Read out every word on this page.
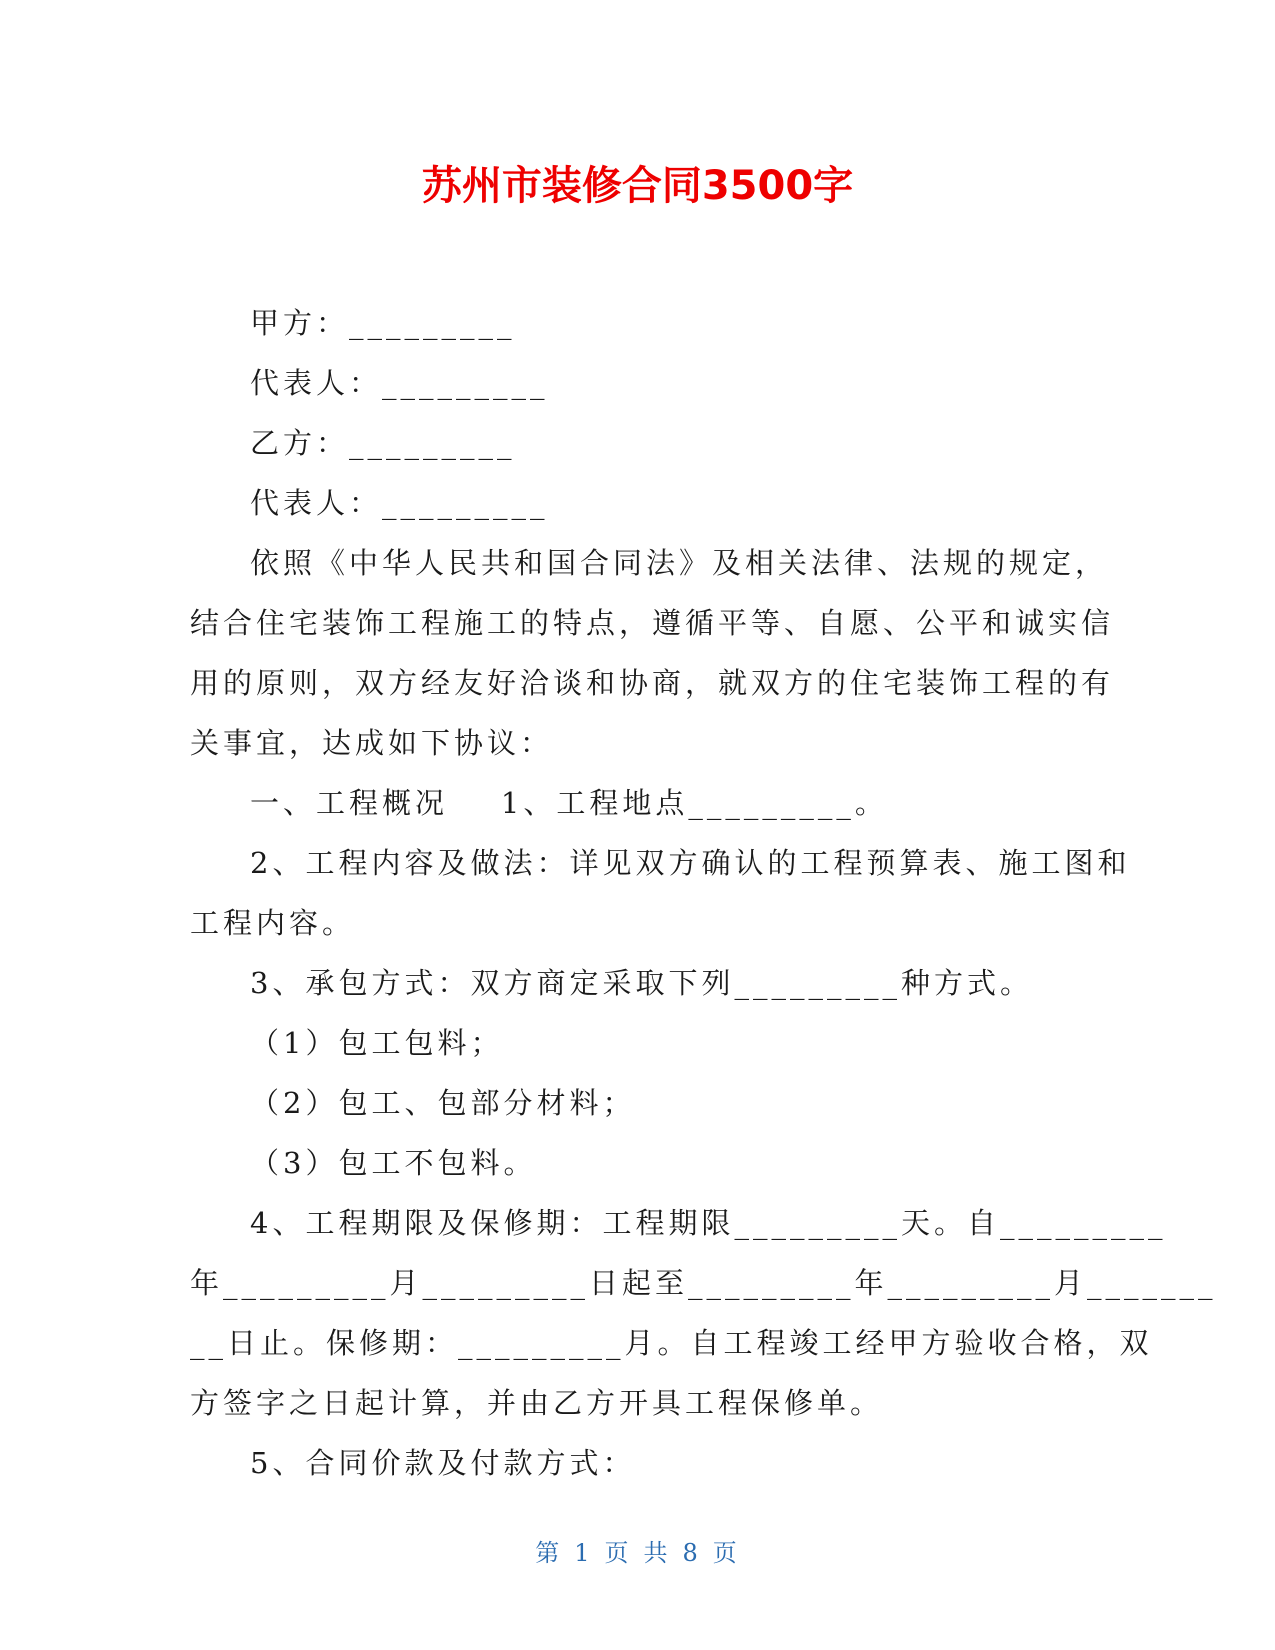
苏州市装修合同3500字
甲方：_________
代表人：_________
乙方：_________
代表人：_________
依照《中华人民共和国合同法》及相关法律、法规的规定，
结合住宅装饰工程施工的特点，遵循平等、自愿、公平和诚实信
用的原则，双方经友好洽谈和协商，就双方的住宅装饰工程的有
关事宜，达成如下协议：
一、工程概况    1、工程地点_________。
2、工程内容及做法：详见双方确认的工程预算表、施工图和
工程内容。
3、承包方式：双方商定采取下列_________种方式。
（1）包工包料；
（2）包工、包部分材料；
（3）包工不包料。
4、工程期限及保修期：工程期限_________天。自_________
年_________月_________日起至_________年_________月_______
__日止。保修期：_________月。自工程竣工经甲方验收合格，双
方签字之日起计算，并由乙方开具工程保修单。
5、合同价款及付款方式：
第 1 页 共 8 页
